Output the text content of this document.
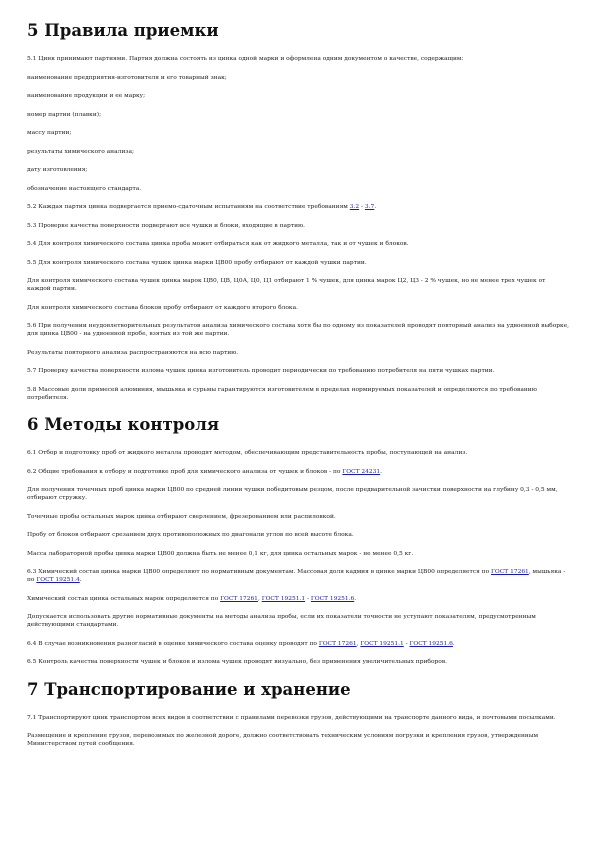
5 Правила приемки

5.1 Цинк принимают партиями. Партия должна состоять из цинка одной марки и оформлена одним документом о качестве, содержащим:

наименование предприятия-изготовителя и его товарный знак;

наименование продукции и ее марку;

номер партии (плавки);

массу партии;

результаты химического анализа;

дату изготовления;

обозначение настоящего стандарта.

5.2 Каждая партия цинка подвергается приемо-сдаточным испытаниям на соответствие требованиям 3.2 - 3.7.

5.3 Проверке качества поверхности подвергают все чушки и блоки, входящие в партию.

5.4 Для контроля химического состава цинка проба может отбираться как от жидкого металла, так и от чушек и блоков.

5.5 Для контроля химического состава чушек цинка марки ЦВ00 пробу отбирают от каждой чушки партии.

Для контроля химического состава чушек цинка марок ЦВ0, ЦВ, Ц0А, Ц0, Ц1 отбирают 1 % чушек, для цинка марок Ц2, Ц3 - 2 % чушек, но не менее трех чушек от каждой партии.

Для контроля химического состава блоков пробу отбирают от каждого второго блока.

5.6 При получении неудовлетворительных результатов анализа химического состава хотя бы по одному из показателей проводят повторный анализ на удвоенной выборке, для цинка ЦВ00 - на удвоенной пробе, взятых из той же партии.

Результаты повторного анализа распространяются на всю партию.

5.7 Проверку качества поверхности излома чушек цинка изготовитель проводит периодически по требованию потребителя на пяти чушках партии.

5.8 Массовые доли примесей алюминия, мышьяка и сурьмы гарантируются изготовителем в пределах нормируемых показателей и определяются по требованию потребителя.

6 Методы контроля

6.1 Отбор и подготовку проб от жидкого металла проводят методом, обеспечивающим представительность пробы, поступающей на анализ.

6.2 Общие требования к отбору и подготовке проб для химического анализа от чушек и блоков - по ГОСТ 24231.

Для получения точечных проб цинка марки ЦВ00 по средней линии чушки победитовым резцом, после предварительной зачистки поверхности на глубину 0,3 - 0,5 мм, отбирают стружку.

Точечные пробы остальных марок цинка отбирают сверлением, фрезерованием или распиловкой.

Пробу от блоков отбирают срезанием двух противоположных по диагонали углов по всей высоте блока.

Масса лабораторной пробы цинка марки ЦВ00 должна быть не менее 0,1 кг, для цинка остальных марок - не менее 0,5 кг.

6.3 Химический состав цинка марки ЦВ00 определяют по нормативным документам. Массовая доля кадмия в цинке марки ЦВ00 определяется по ГОСТ 17261, мышьяка - по ГОСТ 19251.4.

Химический состав цинка остальных марок определяется по ГОСТ 17261, ГОСТ 19251.1 - ГОСТ 19251.6.

Допускается использовать другие нормативные документы на методы анализа пробы, если их показатели точности не уступают показателям, предусмотренным действующими стандартами.

6.4 В случае возникновения разногласий в оценке химического состава оценку проводят по ГОСТ 17261, ГОСТ 19251.1 - ГОСТ 19251.6.

6.5 Контроль качества поверхности чушек и блоков и излома чушек проводят визуально, без применения увеличительных приборов.

7 Транспортирование и хранение

7.1 Транспортируют цинк транспортом всех видов в соответствии с правилами перевозки грузов, действующими на транспорте данного вида, и почтовыми посылками.

Размещение и крепление грузов, перевозимых по железной дороге, должно соответствовать техническим условиям погрузки и крепления грузов, утвержденным Министерством путей сообщения.
